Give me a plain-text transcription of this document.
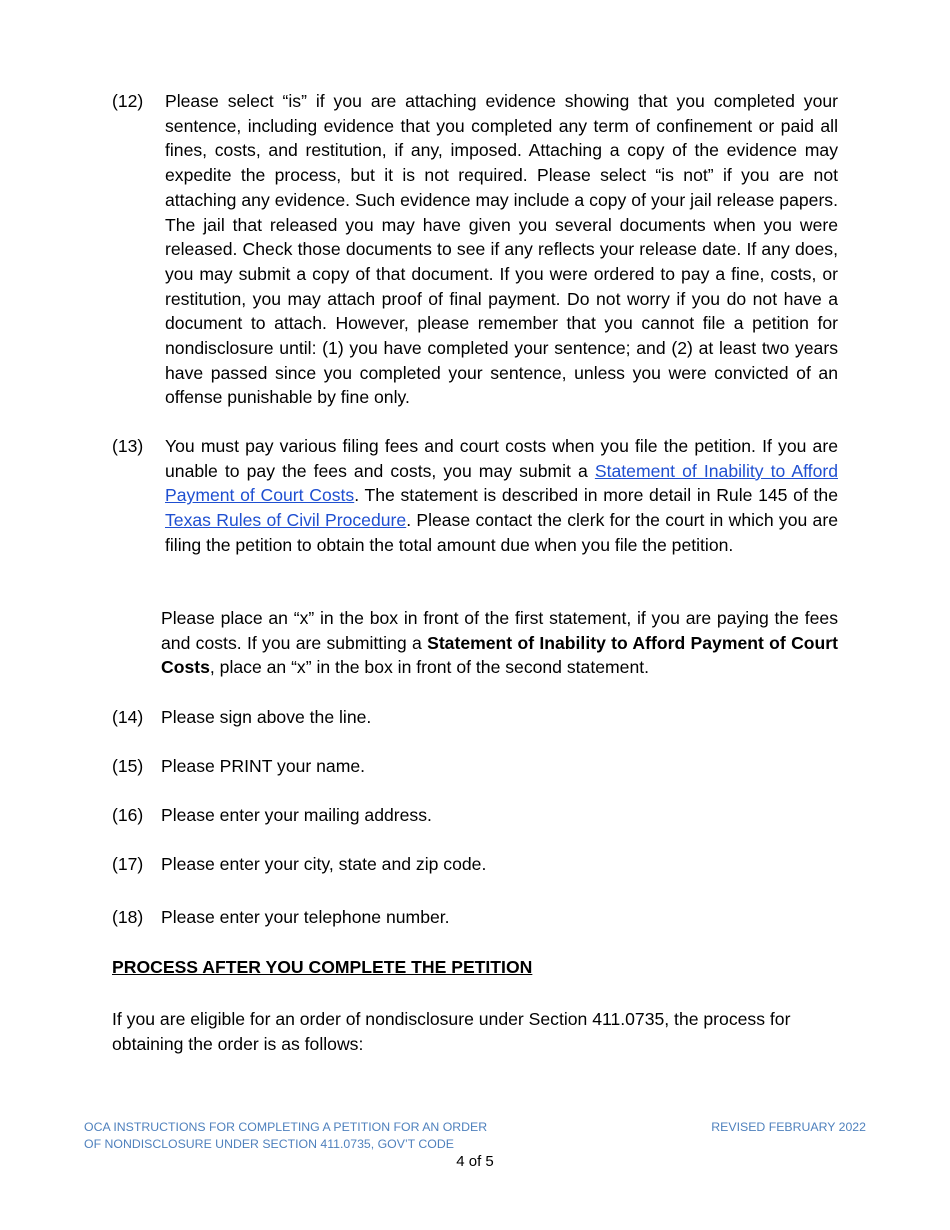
(12) Please select “is” if you are attaching evidence showing that you completed your sentence, including evidence that you completed any term of confinement or paid all fines, costs, and restitution, if any, imposed. Attaching a copy of the evidence may expedite the process, but it is not required. Please select “is not” if you are not attaching any evidence. Such evidence may include a copy of your jail release papers. The jail that released you may have given you several documents when you were released. Check those documents to see if any reflects your release date. If any does, you may submit a copy of that document. If you were ordered to pay a fine, costs, or restitution, you may attach proof of final payment. Do not worry if you do not have a document to attach. However, please remember that you cannot file a petition for nondisclosure until: (1) you have completed your sentence; and (2) at least two years have passed since you completed your sentence, unless you were convicted of an offense punishable by fine only.
(13) You must pay various filing fees and court costs when you file the petition. If you are unable to pay the fees and costs, you may submit a Statement of Inability to Afford Payment of Court Costs. The statement is described in more detail in Rule 145 of the Texas Rules of Civil Procedure. Please contact the clerk for the court in which you are filing the petition to obtain the total amount due when you file the petition.
Please place an “x” in the box in front of the first statement, if you are paying the fees and costs. If you are submitting a Statement of Inability to Afford Payment of Court Costs, place an “x” in the box in front of the second statement.
(14) Please sign above the line.
(15) Please PRINT your name.
(16) Please enter your mailing address.
(17) Please enter your city, state and zip code.
(18) Please enter your telephone number.
PROCESS AFTER YOU COMPLETE THE PETITION
If you are eligible for an order of nondisclosure under Section 411.0735, the process for obtaining the order is as follows:
OCA INSTRUCTIONS FOR COMPLETING A PETITION FOR AN ORDER
OF NONDISCLOSURE UNDER SECTION 411.0735, GOV’T CODE
REVISED FEBRUARY 2022
4 of 5
